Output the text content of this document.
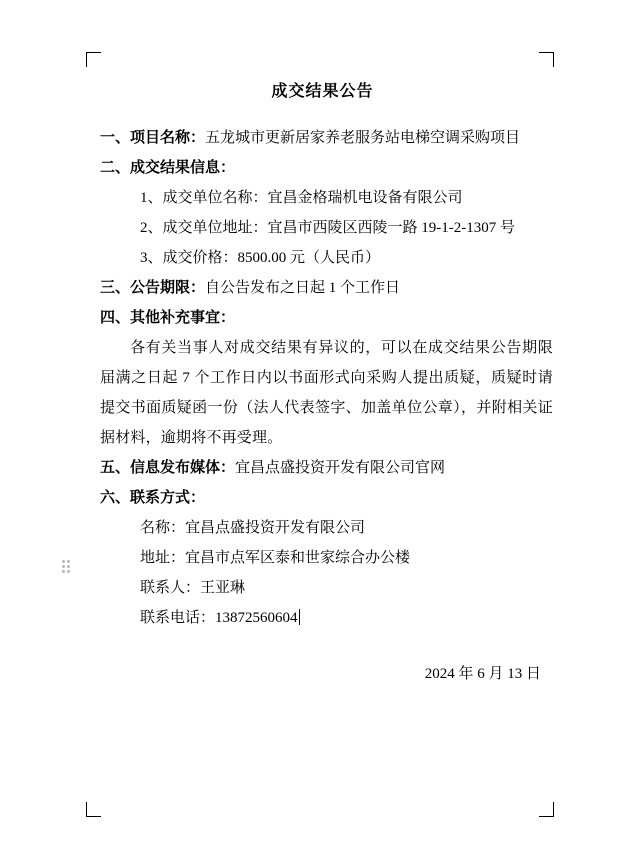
成交结果公告
一、项目名称：五龙城市更新居家养老服务站电梯空调采购项目
二、成交结果信息：
1、成交单位名称：宜昌金格瑞机电设备有限公司
2、成交单位地址：宜昌市西陵区西陵一路 19-1-2-1307 号
3、成交价格：8500.00 元（人民币）
三、公告期限：自公告发布之日起 1 个工作日
四、其他补充事宜：
各有关当事人对成交结果有异议的，可以在成交结果公告期限届满之日起 7 个工作日内以书面形式向采购人提出质疑，质疑时请提交书面质疑函一份（法人代表签字、加盖单位公章），并附相关证据材料，逾期将不再受理。
五、信息发布媒体：宜昌点盛投资开发有限公司官网
六、联系方式：
名称：宜昌点盛投资开发有限公司
地址：宜昌市点军区泰和世家综合办公楼
联系人：王亚琳
联系电话：13872560604
2024 年 6 月 13 日
